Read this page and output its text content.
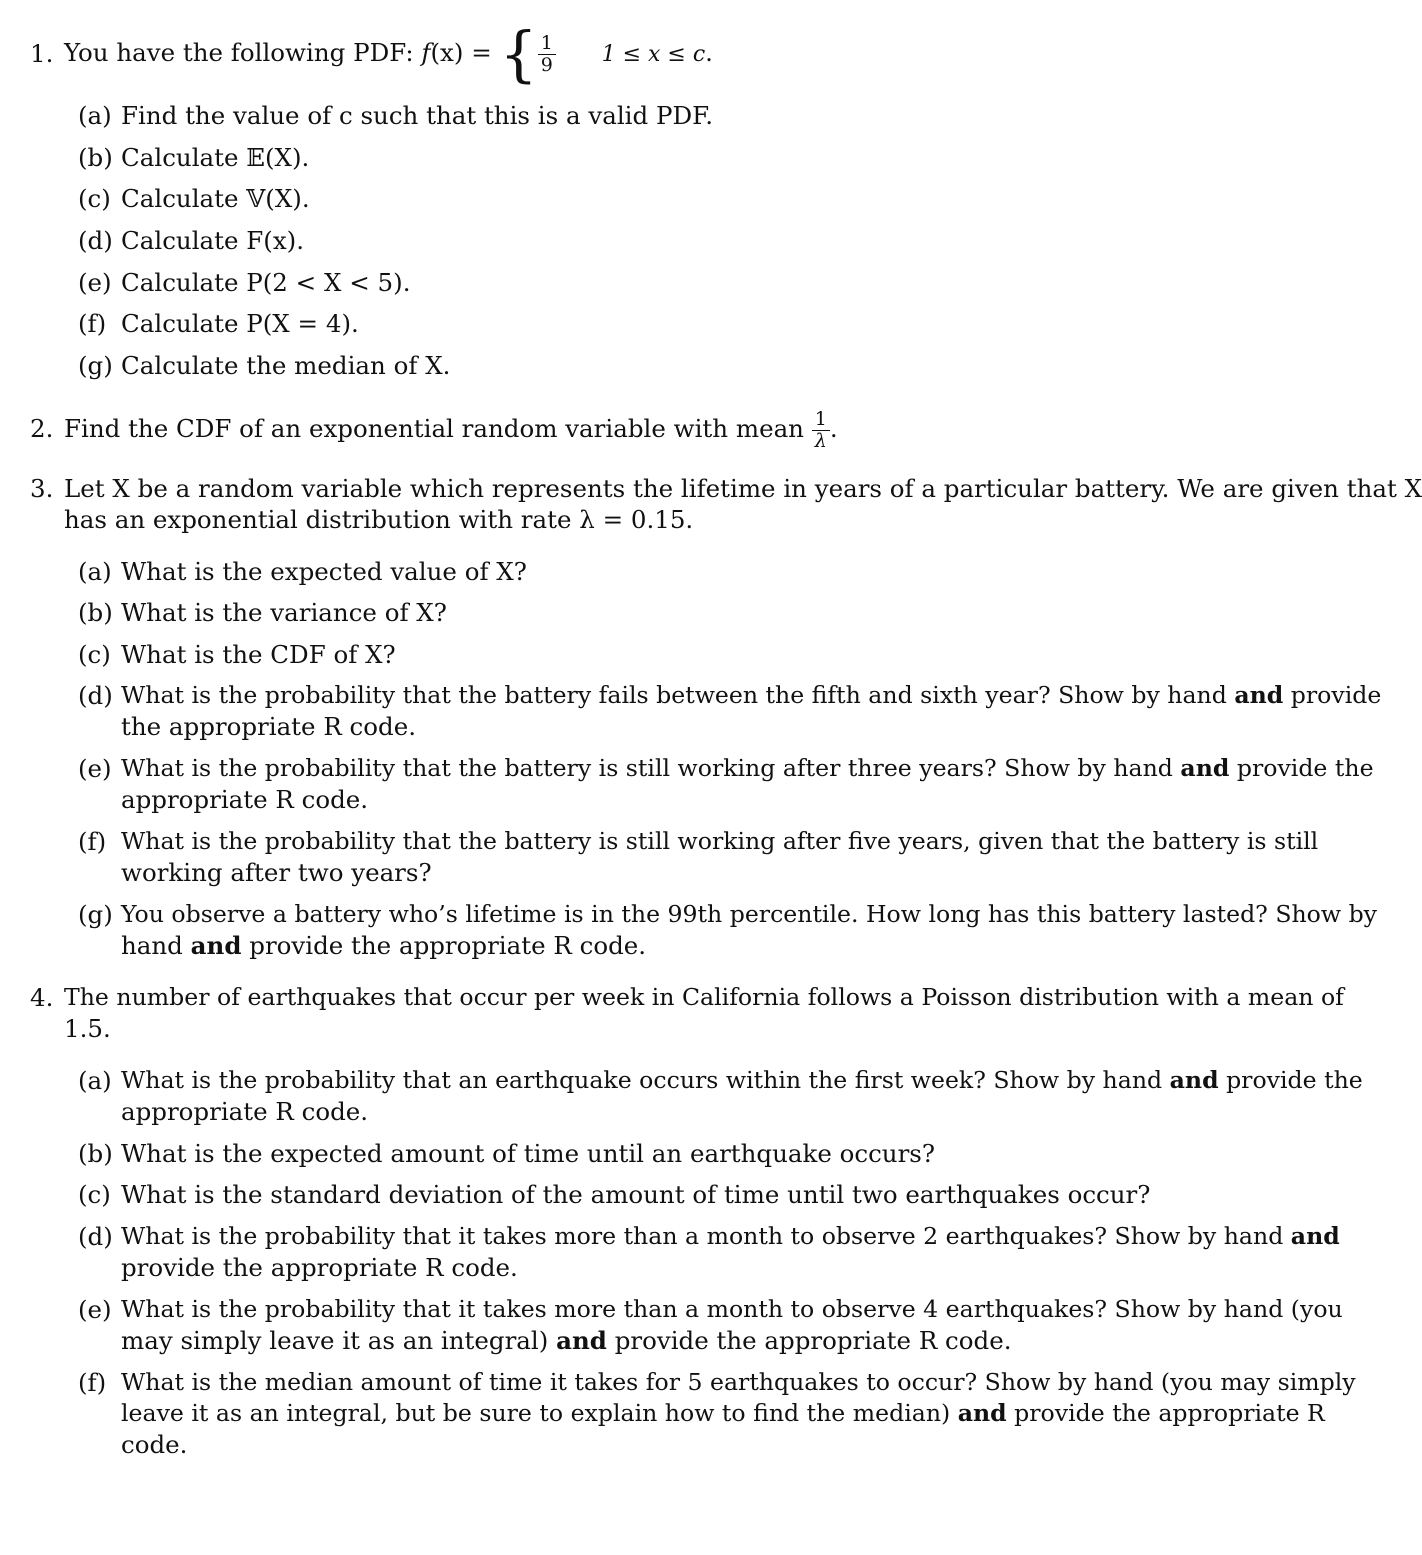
1. You have the following PDF: f(x) = { $\frac{1}{9} 1 \le x \le c$.
(a) Find the value of c such that this is a valid PDF.
(b) Calculate 𝔼(X).
(c) Calculate 𝕍(X).
(d) Calculate F(x).
(e) Calculate P(2 < X < 5).
(f) Calculate P(X = 4).
(g) Calculate the median of X.
2. Find the CDF of an exponential random variable with mean $\frac{1}{\lambda}$ .
3. Let X be a random variable which represents the lifetime in years of a particular battery. We are given that X
has an exponential distribution with rate λ = 0.15.
(a) What is the expected value of X?
(b) What is the variance of X?
(c) What is the CDF of X?
(d) What is the probability that the battery fails between the fifth and sixth year? Show by hand and provide
the appropriate R code.
(e) What is the probability that the battery is still working after three years? Show by hand and provide the
appropriate R code.
(f) What is the probability that the battery is still working after five years, given that the battery is still
working after two years?
(g) You observe a battery who’s lifetime is in the 99th percentile. How long has this battery lasted? Show by
hand and provide the appropriate R code.
4. The number of earthquakes that occur per week in California follows a Poisson distribution with a mean of
1.5.
(a) What is the probability that an earthquake occurs within the first week? Show by hand and provide the
appropriate R code.
(b) What is the expected amount of time until an earthquake occurs?
(c) What is the standard deviation of the amount of time until two earthquakes occur?
(d) What is the probability that it takes more than a month to observe 2 earthquakes? Show by hand and
provide the appropriate R code.
(e) What is the probability that it takes more than a month to observe 4 earthquakes? Show by hand (you
may simply leave it as an integral) and provide the appropriate R code.
(f) What is the median amount of time it takes for 5 earthquakes to occur? Show by hand (you may simply
leave it as an integral, but be sure to explain how to find the median) and provide the appropriate R
code.
